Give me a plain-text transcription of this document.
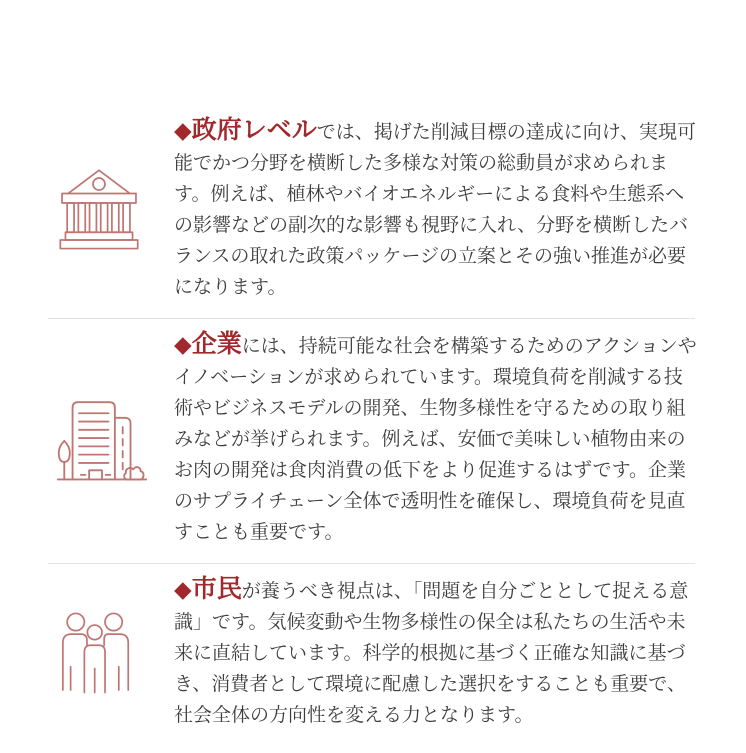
◆政府レベルでは、掲げた削減目標の達成に向け、実現可能でかつ分野を横断した多様な対策の総動員が求められます。例えば、植林やバイオエネルギーによる食料や生態系への影響などの副次的な影響も視野に入れ、分野を横断したバランスの取れた政策パッケージの立案とその強い推進が必要になります。

◆企業には、持続可能な社会を構築するためのアクションやイノベーションが求められています。環境負荷を削減する技術やビジネスモデルの開発、生物多様性を守るための取り組みなどが挙げられます。例えば、安価で美味しい植物由来のお肉の開発は食肉消費の低下をより促進するはずです。企業のサプライチェーン全体で透明性を確保し、環境負荷を見直すことも重要です。

◆市民が養うべき視点は、「問題を自分ごととして捉える意識」です。気候変動や生物多様性の保全は私たちの生活や未来に直結しています。科学的根拠に基づく正確な知識に基づき、消費者として環境に配慮した選択をすることも重要で、社会全体の方向性を変える力となります。
